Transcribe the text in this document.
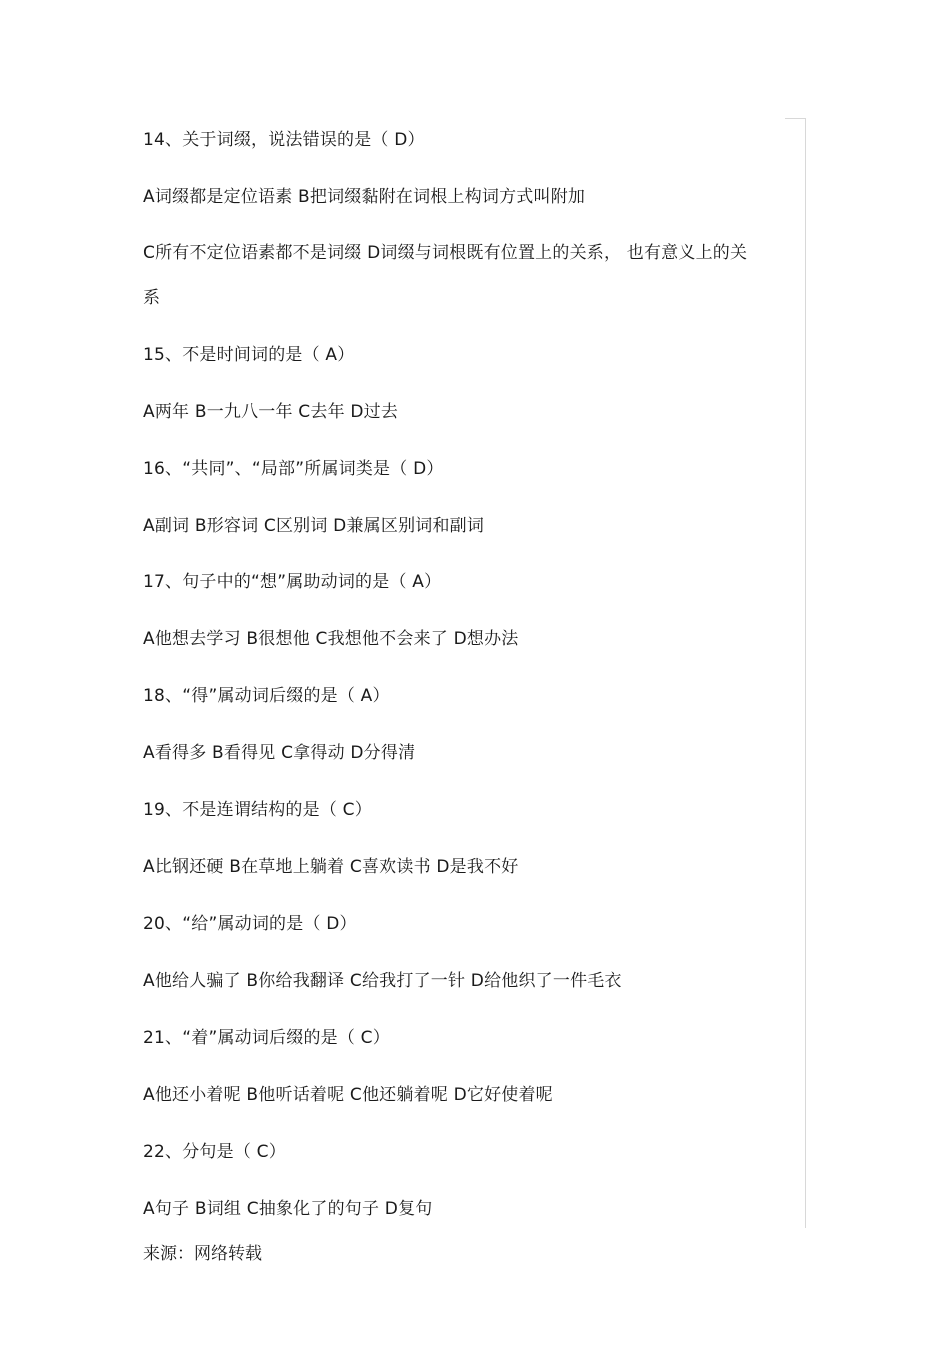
14、关于词缀，说法错误的是（ D）
A词缀都是定位语素 B把词缀黏附在词根上构词方式叫附加
C所有不定位语素都不是词缀 D词缀与词根既有位置上的关系， 也有意义上的关
系
15、不是时间词的是（ A）
A两年 B一九八一年 C去年 D过去
16、“共同”、“局部”所属词类是（ D）
A副词 B形容词 C区别词 D兼属区别词和副词
17、句子中的“想”属助动词的是（ A）
A他想去学习 B很想他 C我想他不会来了 D想办法
18、“得”属动词后缀的是（ A）
A看得多 B看得见 C拿得动 D分得清
19、不是连谓结构的是（ C）
A比钢还硬 B在草地上躺着 C喜欢读书 D是我不好
20、“给”属动词的是（ D）
A他给人骗了 B你给我翻译 C给我打了一针 D给他织了一件毛衣
21、“着”属动词后缀的是（ C）
A他还小着呢 B他听话着呢 C他还躺着呢 D它好使着呢
22、分句是（ C）
A句子 B词组 C抽象化了的句子 D复句
来源：网络转载
